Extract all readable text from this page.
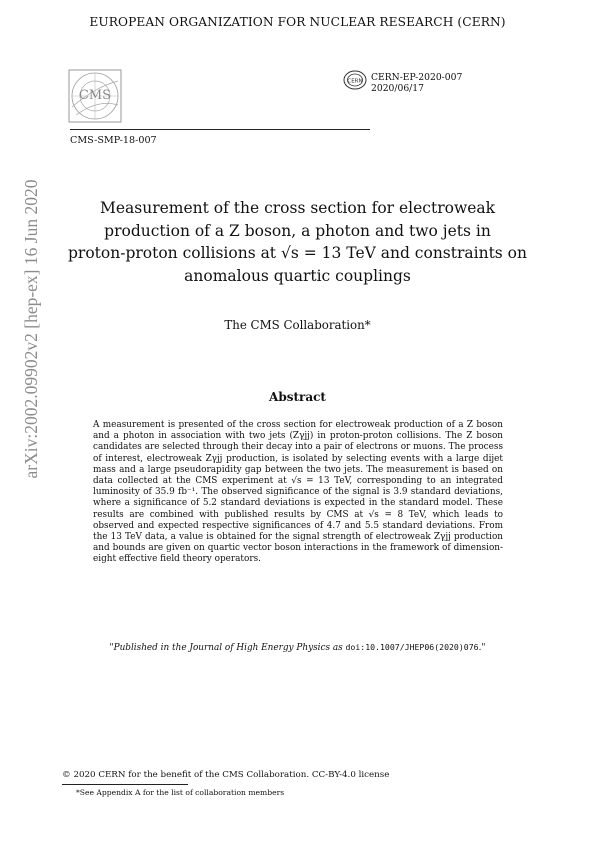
EUROPEAN ORGANIZATION FOR NUCLEAR RESEARCH (CERN)
arXiv:2002.09902v2 [hep-ex] 16 Jun 2020
CMS
CMS-SMP-18-007
CERN CERN-EP-2020-007
2020/06/17
Measurement of the cross section for electroweak
production of a Z boson, a photon and two jets in
proton-proton collisions at √s = 13 TeV and constraints on
anomalous quartic couplings
The CMS Collaboration*
Abstract
A measurement is presented of the cross section for electroweak production of a Z boson and a photon in association with two jets (Zγjj) in proton-proton collisions. The Z boson candidates are selected through their decay into a pair of electrons or muons. The process of interest, electroweak Zγjj production, is isolated by selecting events with a large dijet mass and a large pseudorapidity gap between the two jets. The measurement is based on data collected at the CMS experiment at √s = 13 TeV, corresponding to an integrated luminosity of 35.9 fb⁻¹. The observed significance of the signal is 3.9 standard deviations, where a significance of 5.2 standard deviations is expected in the standard model. These results are combined with published results by CMS at √s = 8 TeV, which leads to observed and expected respective significances of 4.7 and 5.5 standard deviations. From the 13 TeV data, a value is obtained for the signal strength of electroweak Zγjj production and bounds are given on quartic vector boson interactions in the framework of dimension-eight effective field theory operators.
"Published in the Journal of High Energy Physics as doi:10.1007/JHEP06(2020)076."
© 2020 CERN for the benefit of the CMS Collaboration. CC-BY-4.0 license
*See Appendix A for the list of collaboration members
